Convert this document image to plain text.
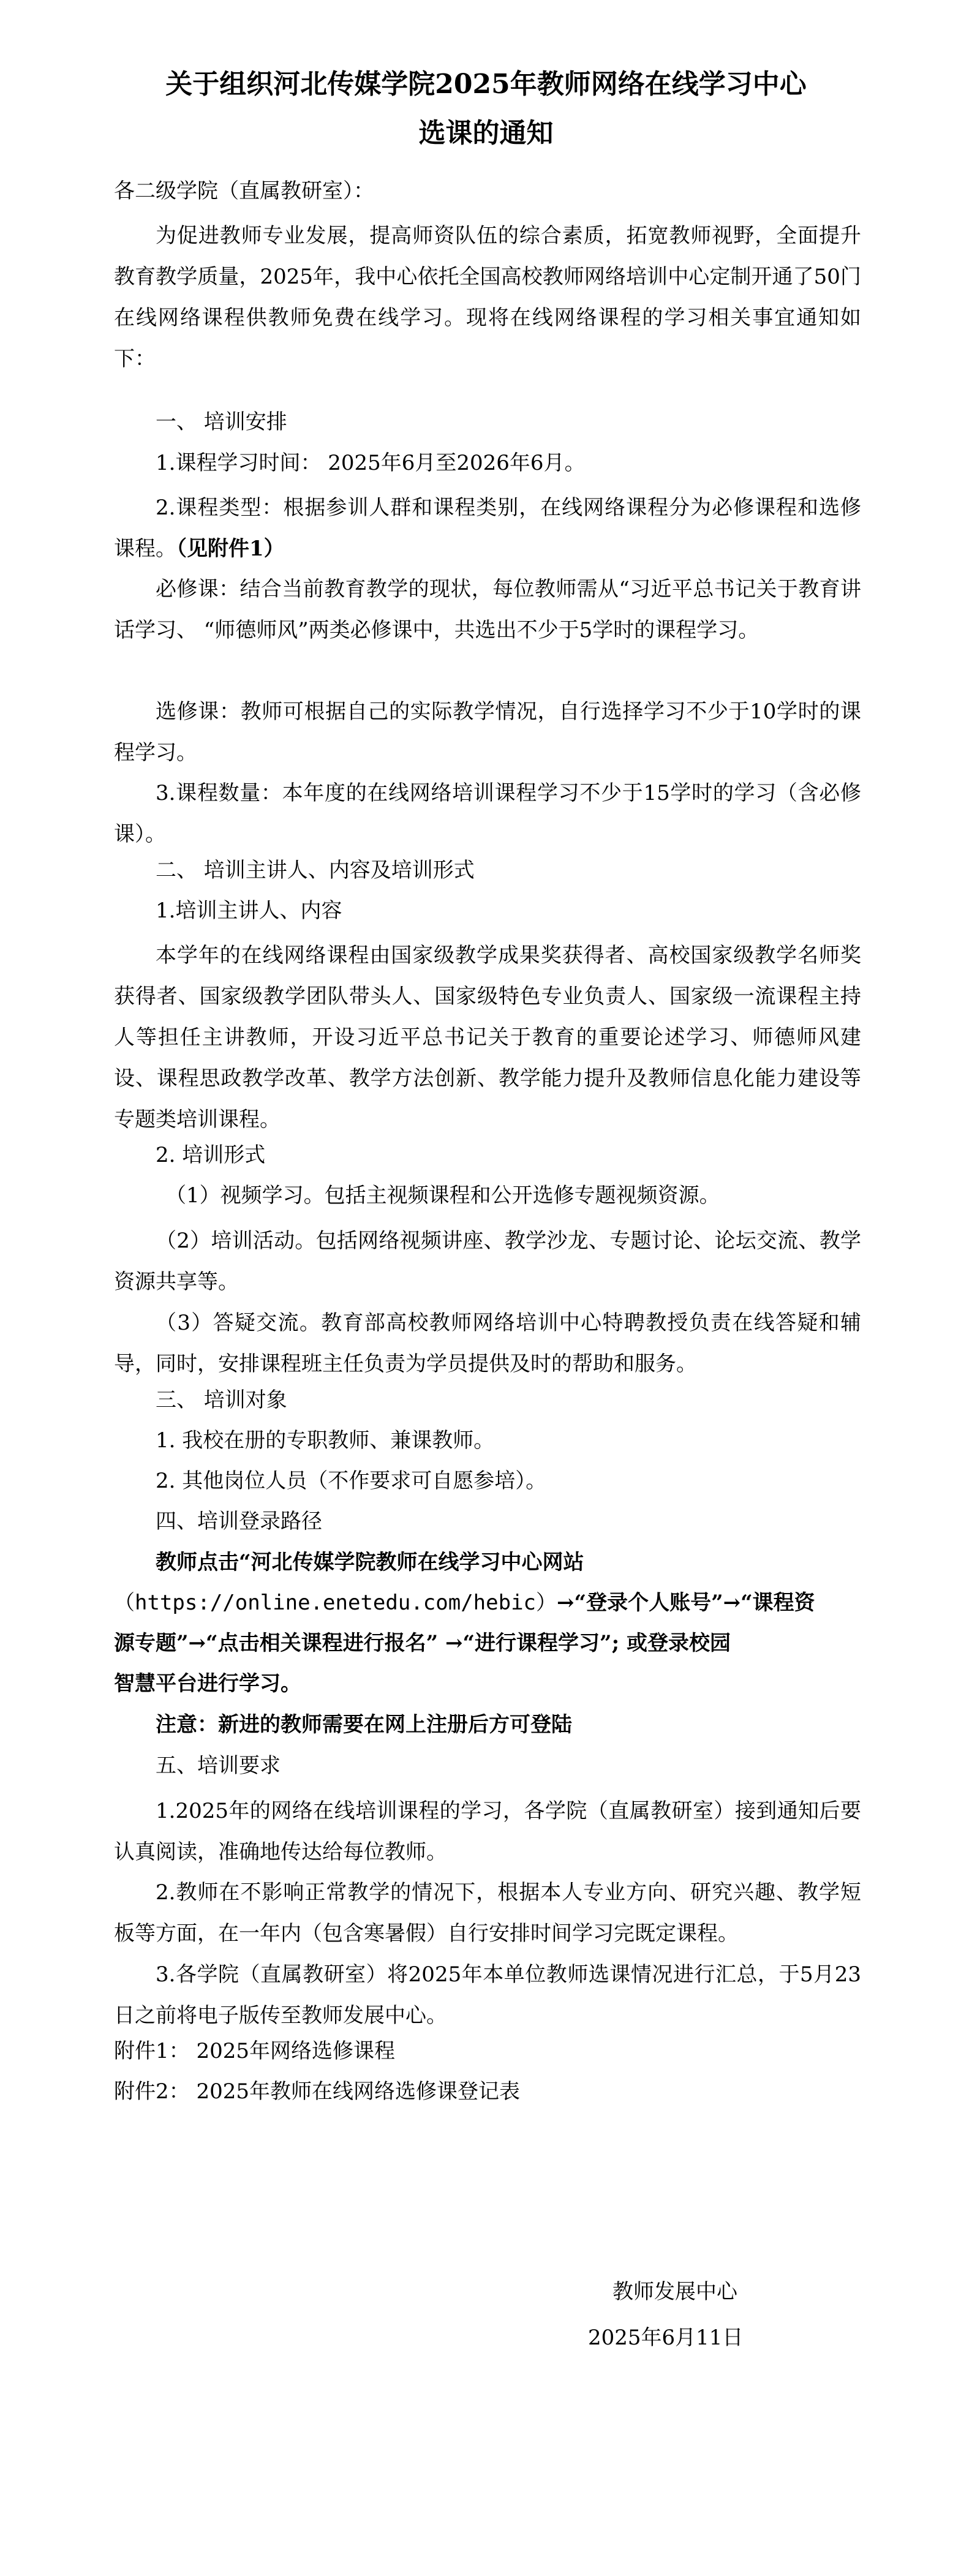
关于组织河北传媒学院2025年教师网络在线学习中心
选课的通知

各二级学院（直属教研室）：

为促进教师专业发展，提高师资队伍的综合素质，拓宽教师视野，全面提升教育教学质量，2025年，我中心依托全国高校教师网络培训中心定制开通了50门在线网络课程供教师免费在线学习。现将在线网络课程的学习相关事宜通知如下：

一、 培训安排

1.课程学习时间： 2025年6月至2026年6月。

2.课程类型：根据参训人群和课程类别，在线网络课程分为必修课程和选修课程。（见附件1）

必修课：结合当前教育教学的现状，每位教师需从“习近平总书记关于教育讲话学习、 “师德师风”两类必修课中，共选出不少于5学时的课程学习。

选修课：教师可根据自己的实际教学情况，自行选择学习不少于10学时的课程学习。

3.课程数量：本年度的在线网络培训课程学习不少于15学时的学习（含必修课）。

二、 培训主讲人、内容及培训形式

1.培训主讲人、内容

本学年的在线网络课程由国家级教学成果奖获得者、高校国家级教学名师奖获得者、国家级教学团队带头人、国家级特色专业负责人、国家级一流课程主持人等担任主讲教师，开设习近平总书记关于教育的重要论述学习、师德师风建设、课程思政教学改革、教学方法创新、教学能力提升及教师信息化能力建设等专题类培训课程。

2. 培训形式

（1）视频学习。包括主视频课程和公开选修专题视频资源。

（2）培训活动。包括网络视频讲座、教学沙龙、专题讨论、论坛交流、教学资源共享等。

（3）答疑交流。教育部高校教师网络培训中心特聘教授负责在线答疑和辅导，同时，安排课程班主任负责为学员提供及时的帮助和服务。

三、 培训对象

1. 我校在册的专职教师、兼课教师。

2. 其他岗位人员（不作要求可自愿参培）。

四、培训登录路径

教师点击“河北传媒学院教师在线学习中心网站

（https://online.enetedu.com/hebic）→“登录个人账号”→“课程资

源专题”→“点击相关课程进行报名” →“进行课程学习”; 或登录校园

智慧平台进行学习。

注意：新进的教师需要在网上注册后方可登陆

五、培训要求

1.2025年的网络在线培训课程的学习，各学院（直属教研室）接到通知后要认真阅读，准确地传达给每位教师。

2.教师在不影响正常教学的情况下，根据本人专业方向、研究兴趣、教学短板等方面，在一年内（包含寒暑假）自行安排时间学习完既定课程。

3.各学院（直属教研室）将2025年本单位教师选课情况进行汇总，于5月23日之前将电子版传至教师发展中心。

附件1： 2025年网络选修课程

附件2： 2025年教师在线网络选修课登记表

教师发展中心

2025年6月11日
